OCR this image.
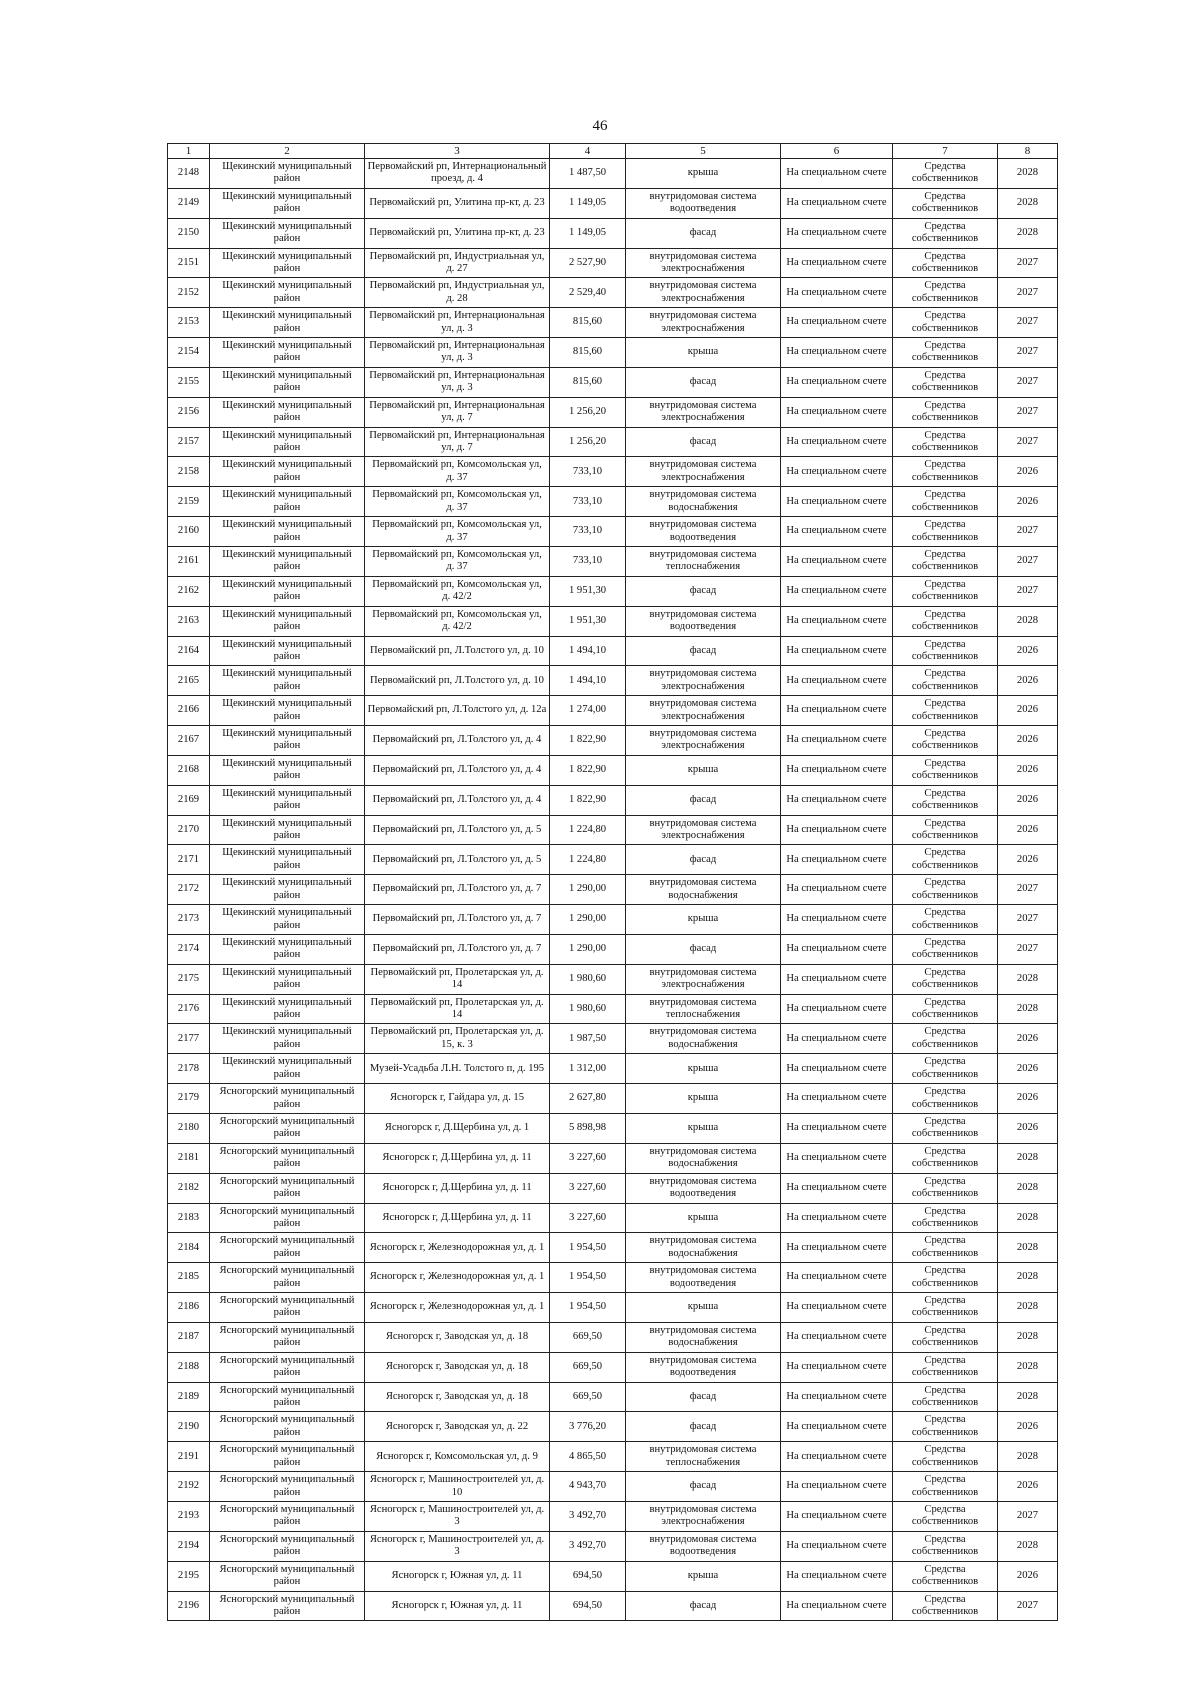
46
1	2	3	4	5	6	7	8
2148	Щекинский муниципальный район	Первомайский рп, Интернациональный проезд, д. 4	1 487,50	крыша	На специальном счете	Средства собственников	2028
2149	Щекинский муниципальный район	Первомайский рп, Улитина пр-кт, д. 23	1 149,05	внутридомовая система водоотведения	На специальном счете	Средства собственников	2028
2150	Щекинский муниципальный район	Первомайский рп, Улитина пр-кт, д. 23	1 149,05	фасад	На специальном счете	Средства собственников	2028
2151	Щекинский муниципальный район	Первомайский рп, Индустриальная ул, д. 27	2 527,90	внутридомовая система электроснабжения	На специальном счете	Средства собственников	2027
2152	Щекинский муниципальный район	Первомайский рп, Индустриальная ул, д. 28	2 529,40	внутридомовая система электроснабжения	На специальном счете	Средства собственников	2027
2153	Щекинский муниципальный район	Первомайский рп, Интернациональная ул, д. 3	815,60	внутридомовая система электроснабжения	На специальном счете	Средства собственников	2027
2154	Щекинский муниципальный район	Первомайский рп, Интернациональная ул, д. 3	815,60	крыша	На специальном счете	Средства собственников	2027
2155	Щекинский муниципальный район	Первомайский рп, Интернациональная ул, д. 3	815,60	фасад	На специальном счете	Средства собственников	2027
2156	Щекинский муниципальный район	Первомайский рп, Интернациональная ул, д. 7	1 256,20	внутридомовая система электроснабжения	На специальном счете	Средства собственников	2027
2157	Щекинский муниципальный район	Первомайский рп, Интернациональная ул, д. 7	1 256,20	фасад	На специальном счете	Средства собственников	2027
2158	Щекинский муниципальный район	Первомайский рп, Комсомольская ул, д. 37	733,10	внутридомовая система электроснабжения	На специальном счете	Средства собственников	2026
2159	Щекинский муниципальный район	Первомайский рп, Комсомольская ул, д. 37	733,10	внутридомовая система водоснабжения	На специальном счете	Средства собственников	2026
2160	Щекинский муниципальный район	Первомайский рп, Комсомольская ул, д. 37	733,10	внутридомовая система водоотведения	На специальном счете	Средства собственников	2027
2161	Щекинский муниципальный район	Первомайский рп, Комсомольская ул, д. 37	733,10	внутридомовая система теплоснабжения	На специальном счете	Средства собственников	2027
2162	Щекинский муниципальный район	Первомайский рп, Комсомольская ул, д. 42/2	1 951,30	фасад	На специальном счете	Средства собственников	2027
2163	Щекинский муниципальный район	Первомайский рп, Комсомольская ул, д. 42/2	1 951,30	внутридомовая система водоотведения	На специальном счете	Средства собственников	2028
2164	Щекинский муниципальный район	Первомайский рп, Л.Толстого ул, д. 10	1 494,10	фасад	На специальном счете	Средства собственников	2026
2165	Щекинский муниципальный район	Первомайский рп, Л.Толстого ул, д. 10	1 494,10	внутридомовая система электроснабжения	На специальном счете	Средства собственников	2026
2166	Щекинский муниципальный район	Первомайский рп, Л.Толстого ул, д. 12а	1 274,00	внутридомовая система электроснабжения	На специальном счете	Средства собственников	2026
2167	Щекинский муниципальный район	Первомайский рп, Л.Толстого ул, д. 4	1 822,90	внутридомовая система электроснабжения	На специальном счете	Средства собственников	2026
2168	Щекинский муниципальный район	Первомайский рп, Л.Толстого ул, д. 4	1 822,90	крыша	На специальном счете	Средства собственников	2026
2169	Щекинский муниципальный район	Первомайский рп, Л.Толстого ул, д. 4	1 822,90	фасад	На специальном счете	Средства собственников	2026
2170	Щекинский муниципальный район	Первомайский рп, Л.Толстого ул, д. 5	1 224,80	внутридомовая система электроснабжения	На специальном счете	Средства собственников	2026
2171	Щекинский муниципальный район	Первомайский рп, Л.Толстого ул, д. 5	1 224,80	фасад	На специальном счете	Средства собственников	2026
2172	Щекинский муниципальный район	Первомайский рп, Л.Толстого ул, д. 7	1 290,00	внутридомовая система водоснабжения	На специальном счете	Средства собственников	2027
2173	Щекинский муниципальный район	Первомайский рп, Л.Толстого ул, д. 7	1 290,00	крыша	На специальном счете	Средства собственников	2027
2174	Щекинский муниципальный район	Первомайский рп, Л.Толстого ул, д. 7	1 290,00	фасад	На специальном счете	Средства собственников	2027
2175	Щекинский муниципальный район	Первомайский рп, Пролетарская ул, д. 14	1 980,60	внутридомовая система электроснабжения	На специальном счете	Средства собственников	2028
2176	Щекинский муниципальный район	Первомайский рп, Пролетарская ул, д. 14	1 980,60	внутридомовая система теплоснабжения	На специальном счете	Средства собственников	2028
2177	Щекинский муниципальный район	Первомайский рп, Пролетарская ул, д. 15, к. 3	1 987,50	внутридомовая система водоснабжения	На специальном счете	Средства собственников	2026
2178	Щекинский муниципальный район	Музей-Усадьба Л.Н. Толстого п, д. 195	1 312,00	крыша	На специальном счете	Средства собственников	2026
2179	Ясногорский муниципальный район	Ясногорск г, Гайдара ул, д. 15	2 627,80	крыша	На специальном счете	Средства собственников	2026
2180	Ясногорский муниципальный район	Ясногорск г, Д.Щербина ул, д. 1	5 898,98	крыша	На специальном счете	Средства собственников	2026
2181	Ясногорский муниципальный район	Ясногорск г, Д.Щербина ул, д. 11	3 227,60	внутридомовая система водоснабжения	На специальном счете	Средства собственников	2028
2182	Ясногорский муниципальный район	Ясногорск г, Д.Щербина ул, д. 11	3 227,60	внутридомовая система водоотведения	На специальном счете	Средства собственников	2028
2183	Ясногорский муниципальный район	Ясногорск г, Д.Щербина ул, д. 11	3 227,60	крыша	На специальном счете	Средства собственников	2028
2184	Ясногорский муниципальный район	Ясногорск г, Железнодорожная ул, д. 1	1 954,50	внутридомовая система водоснабжения	На специальном счете	Средства собственников	2028
2185	Ясногорский муниципальный район	Ясногорск г, Железнодорожная ул, д. 1	1 954,50	внутридомовая система водоотведения	На специальном счете	Средства собственников	2028
2186	Ясногорский муниципальный район	Ясногорск г, Железнодорожная ул, д. 1	1 954,50	крыша	На специальном счете	Средства собственников	2028
2187	Ясногорский муниципальный район	Ясногорск г, Заводская ул, д. 18	669,50	внутридомовая система водоснабжения	На специальном счете	Средства собственников	2028
2188	Ясногорский муниципальный район	Ясногорск г, Заводская ул, д. 18	669,50	внутридомовая система водоотведения	На специальном счете	Средства собственников	2028
2189	Ясногорский муниципальный район	Ясногорск г, Заводская ул, д. 18	669,50	фасад	На специальном счете	Средства собственников	2028
2190	Ясногорский муниципальный район	Ясногорск г, Заводская ул, д. 22	3 776,20	фасад	На специальном счете	Средства собственников	2026
2191	Ясногорский муниципальный район	Ясногорск г, Комсомольская ул, д. 9	4 865,50	внутридомовая система теплоснабжения	На специальном счете	Средства собственников	2028
2192	Ясногорский муниципальный район	Ясногорск г, Машиностроителей ул, д. 10	4 943,70	фасад	На специальном счете	Средства собственников	2026
2193	Ясногорский муниципальный район	Ясногорск г, Машиностроителей ул, д. 3	3 492,70	внутридомовая система электроснабжения	На специальном счете	Средства собственников	2027
2194	Ясногорский муниципальный район	Ясногорск г, Машиностроителей ул, д. 3	3 492,70	внутридомовая система водоотведения	На специальном счете	Средства собственников	2028
2195	Ясногорский муниципальный район	Ясногорск г, Южная ул, д. 11	694,50	крыша	На специальном счете	Средства собственников	2026
2196	Ясногорский муниципальный район	Ясногорск г, Южная ул, д. 11	694,50	фасад	На специальном счете	Средства собственников	2027
